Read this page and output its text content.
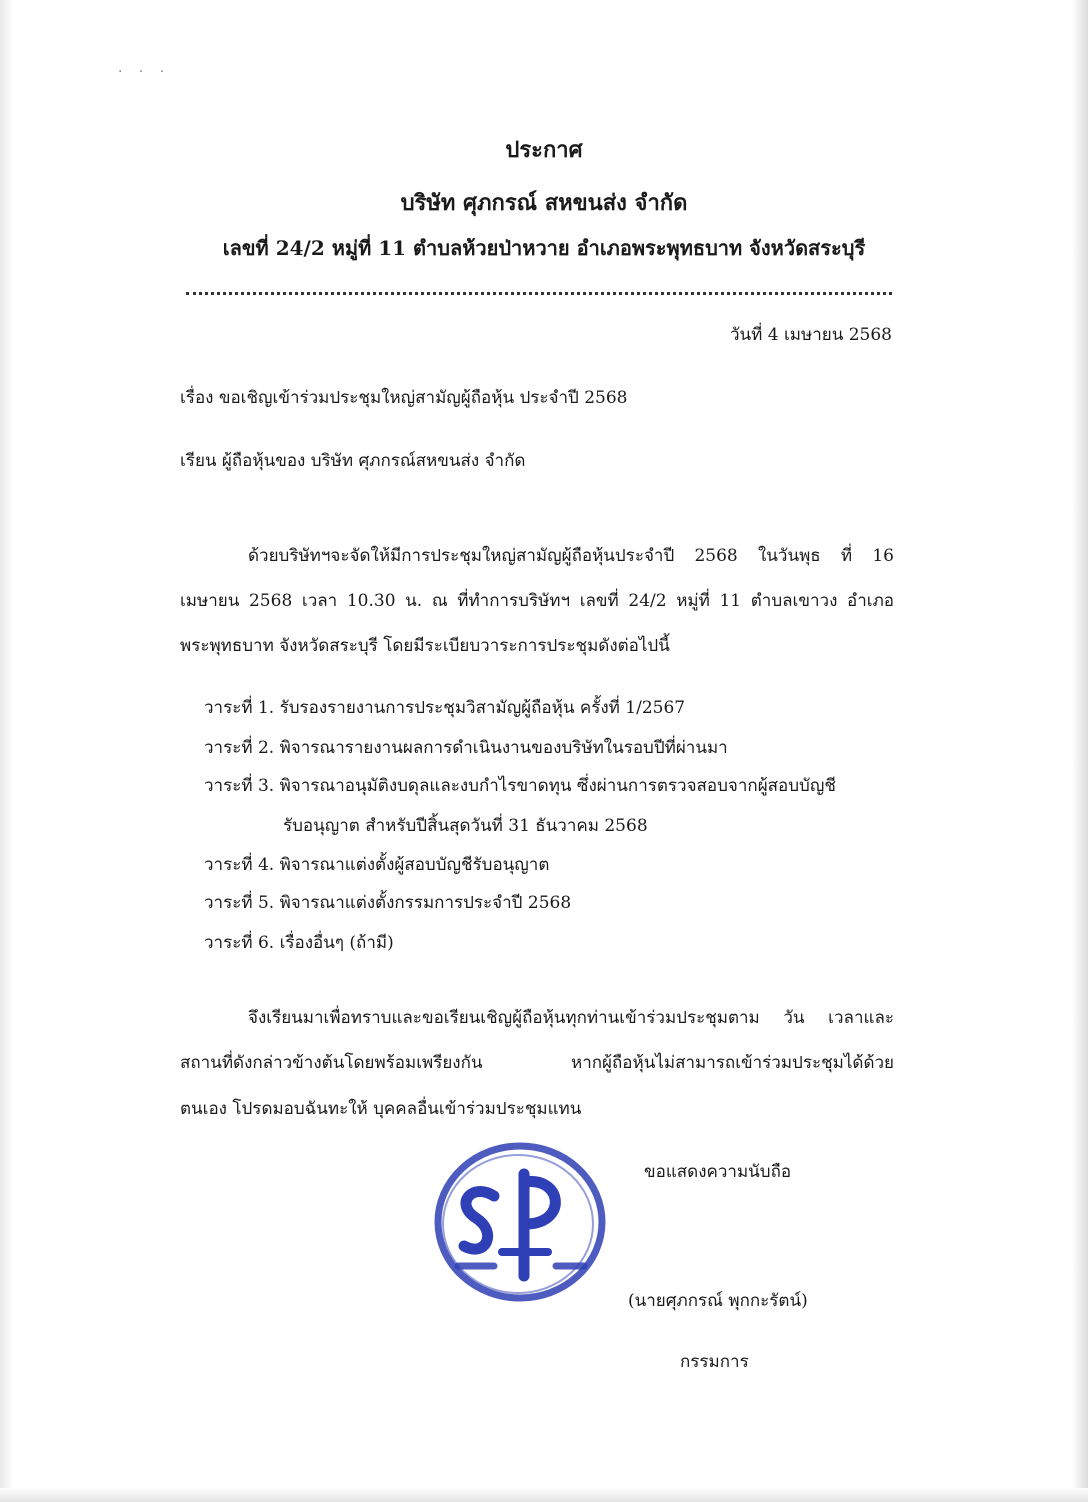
· · ·
ประกาศ
บริษัท ศุภกรณ์ สหขนส่ง จำกัด
เลขที่ 24/2 หมู่ที่ 11 ตำบลห้วยป่าหวาย อำเภอพระพุทธบาท จังหวัดสระบุรี
วันที่ 4 เมษายน 2568
เรื่อง ขอเชิญเข้าร่วมประชุมใหญ่สามัญผู้ถือหุ้น ประจำปี 2568
เรียน ผู้ถือหุ้นของ บริษัท ศุภกรณ์สหขนส่ง จำกัด
ด้วยบริษัทฯจะจัดให้มีการประชุมใหญ่สามัญผู้ถือหุ้นประจำปี 2568 ในวันพุธ ที่ 16
เมษายน 2568 เวลา 10.30 น. ณ ที่ทำการบริษัทฯ เลขที่ 24/2 หมู่ที่ 11 ตำบลเขาวง อำเภอ
พระพุทธบาท จังหวัดสระบุรี โดยมีระเบียบวาระการประชุมดังต่อไปนี้
วาระที่ 1. รับรองรายงานการประชุมวิสามัญผู้ถือหุ้น ครั้งที่ 1/2567
วาระที่ 2. พิจารณารายงานผลการดำเนินงานของบริษัทในรอบปีที่ผ่านมา
วาระที่ 3. พิจารณาอนุมัติงบดุลและงบกำไรขาดทุน ซึ่งผ่านการตรวจสอบจากผู้สอบบัญชี
รับอนุญาต สำหรับปีสิ้นสุดวันที่ 31 ธันวาคม 2568
วาระที่ 4. พิจารณาแต่งตั้งผู้สอบบัญชีรับอนุญาต
วาระที่ 5. พิจารณาแต่งตั้งกรรมการประจำปี 2568
วาระที่ 6. เรื่องอื่นๆ (ถ้ามี)
จึงเรียนมาเพื่อทราบและขอเรียนเชิญผู้ถือหุ้นทุกท่านเข้าร่วมประชุมตาม วัน เวลาและ
สถานที่ดังกล่าวข้างต้นโดยพร้อมเพรียงกัน หากผู้ถือหุ้นไม่สามารถเข้าร่วมประชุมได้ด้วย
ตนเอง โปรดมอบฉันทะให้ บุคคลอื่นเข้าร่วมประชุมแทน
ขอแสดงความนับถือ
(นายศุภกรณ์ พุกกะรัตน์)
กรรมการ
